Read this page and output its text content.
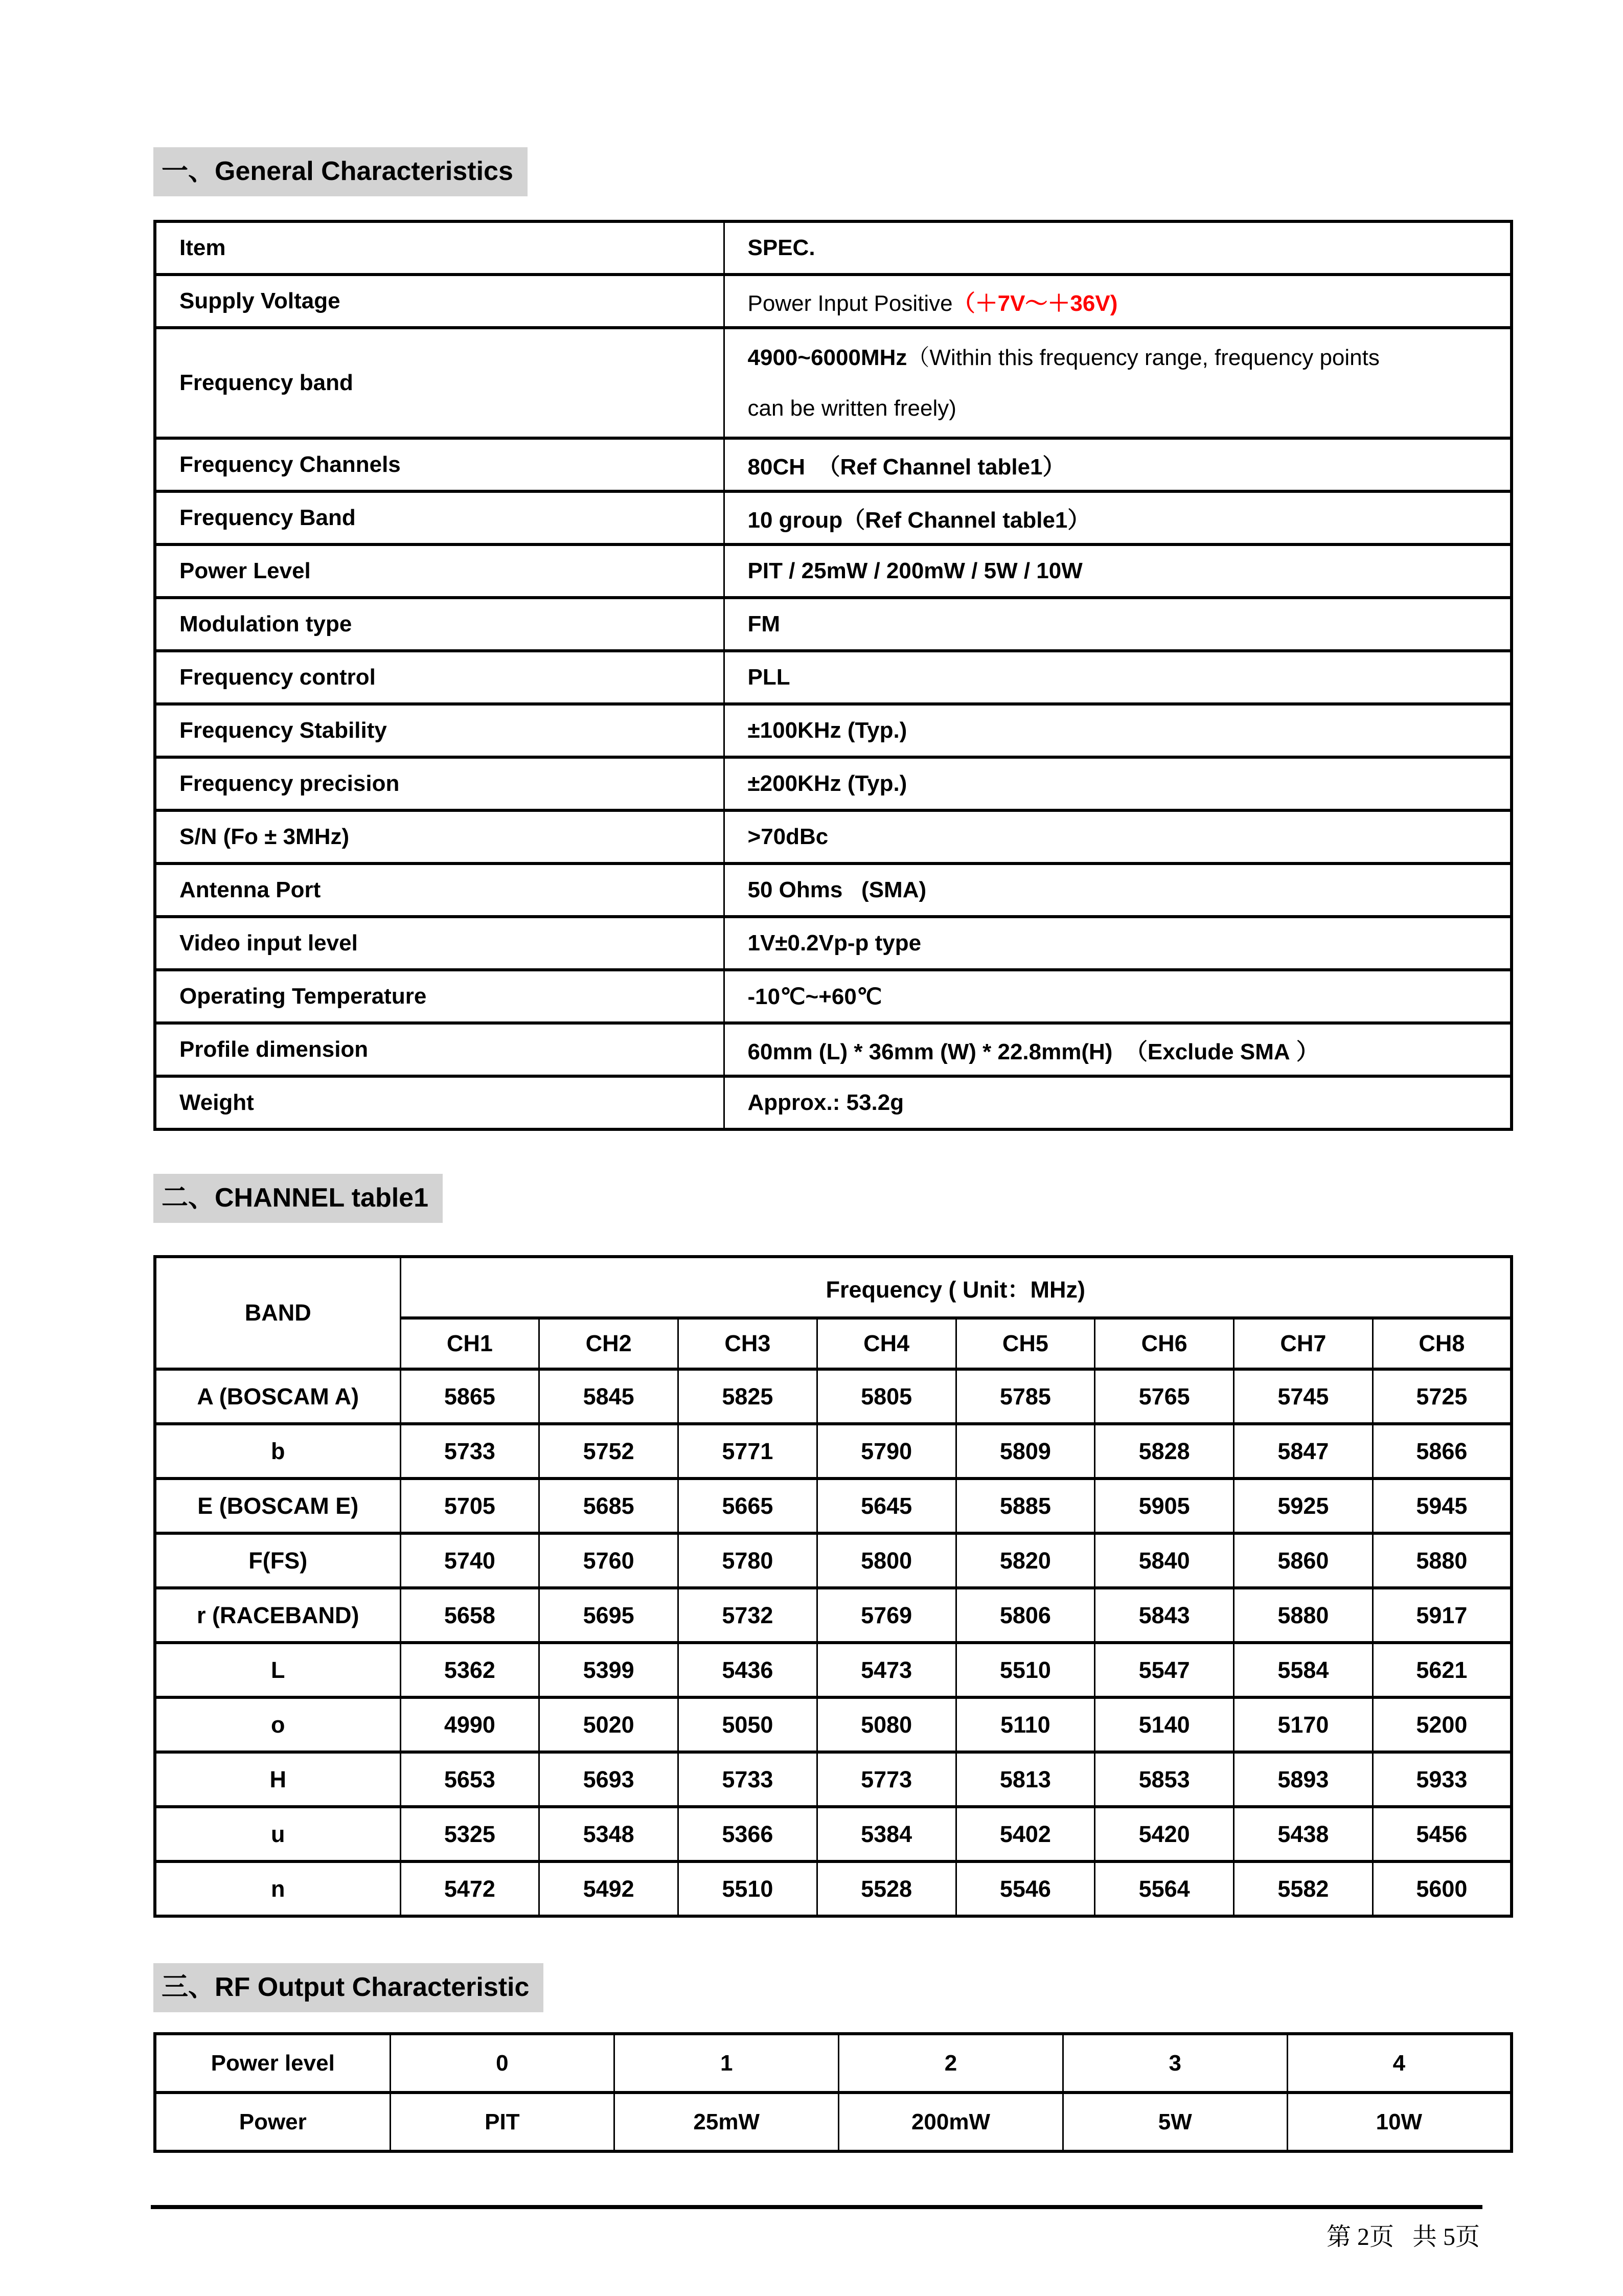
一、General Characteristics
Item	SPEC.
Supply Voltage	Power Input Positive（＋7V～＋36V)
Frequency band	4900~6000MHz（Within this frequency range, frequency points
can be written freely)
Frequency Channels	80CH  （Ref Channel table1）
Frequency Band	10 group（Ref Channel table1）
Power Level	PIT / 25mW / 200mW / 5W / 10W
Modulation type	FM
Frequency control	PLL
Frequency Stability	±100KHz (Typ.)
Frequency precision	±200KHz (Typ.)
S/N (Fo ± 3MHz)	>70dBc
Antenna Port	50 Ohms   (SMA)
Video input level	1V±0.2Vp-p type
Operating Temperature	-10℃~+60℃
Profile dimension	60mm (L) * 36mm (W) * 22.8mm(H)  （Exclude SMA ）
Weight	Approx.: 53.2g
二、CHANNEL table1
BAND	Frequency ( Unit：MHz)							
	CH1	CH2	CH3	CH4	CH5	CH6	CH7	CH8
A (BOSCAM A)	5865	5845	5825	5805	5785	5765	5745	5725
b	5733	5752	5771	5790	5809	5828	5847	5866
E (BOSCAM E)	5705	5685	5665	5645	5885	5905	5925	5945
F(FS)	5740	5760	5780	5800	5820	5840	5860	5880
r (RACEBAND)	5658	5695	5732	5769	5806	5843	5880	5917
L	5362	5399	5436	5473	5510	5547	5584	5621
o	4990	5020	5050	5080	5110	5140	5170	5200
H	5653	5693	5733	5773	5813	5853	5893	5933
u	5325	5348	5366	5384	5402	5420	5438	5456
n	5472	5492	5510	5528	5546	5564	5582	5600
三、RF Output Characteristic
Power level	0	1	2	3	4
Power	PIT	25mW	200mW	5W	10W
第 2页   共 5页
